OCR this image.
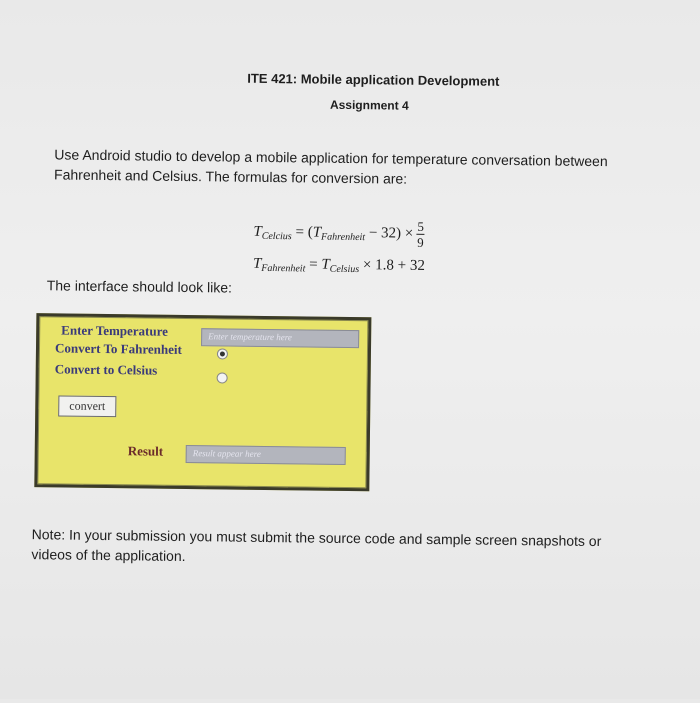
ITE 421: Mobile application Development
Assignment 4
Use Android studio to develop a mobile application for temperature conversation between
Fahrenheit and Celsius. The formulas for conversion are:
$T_{Celcius} = (T_{Fahrenheit} - 32) \times \frac{5}{9}$
$T_{Fahrenheit} = T_{Celsius} \times 1.8 + 32$
The interface should look like:
Enter Temperature	Enter temperature here
Convert To Fahrenheit
Convert to Celsius
convert
Result	Result appear here
Note: In your submission you must submit the source code and sample screen snapshots or
videos of the application.
